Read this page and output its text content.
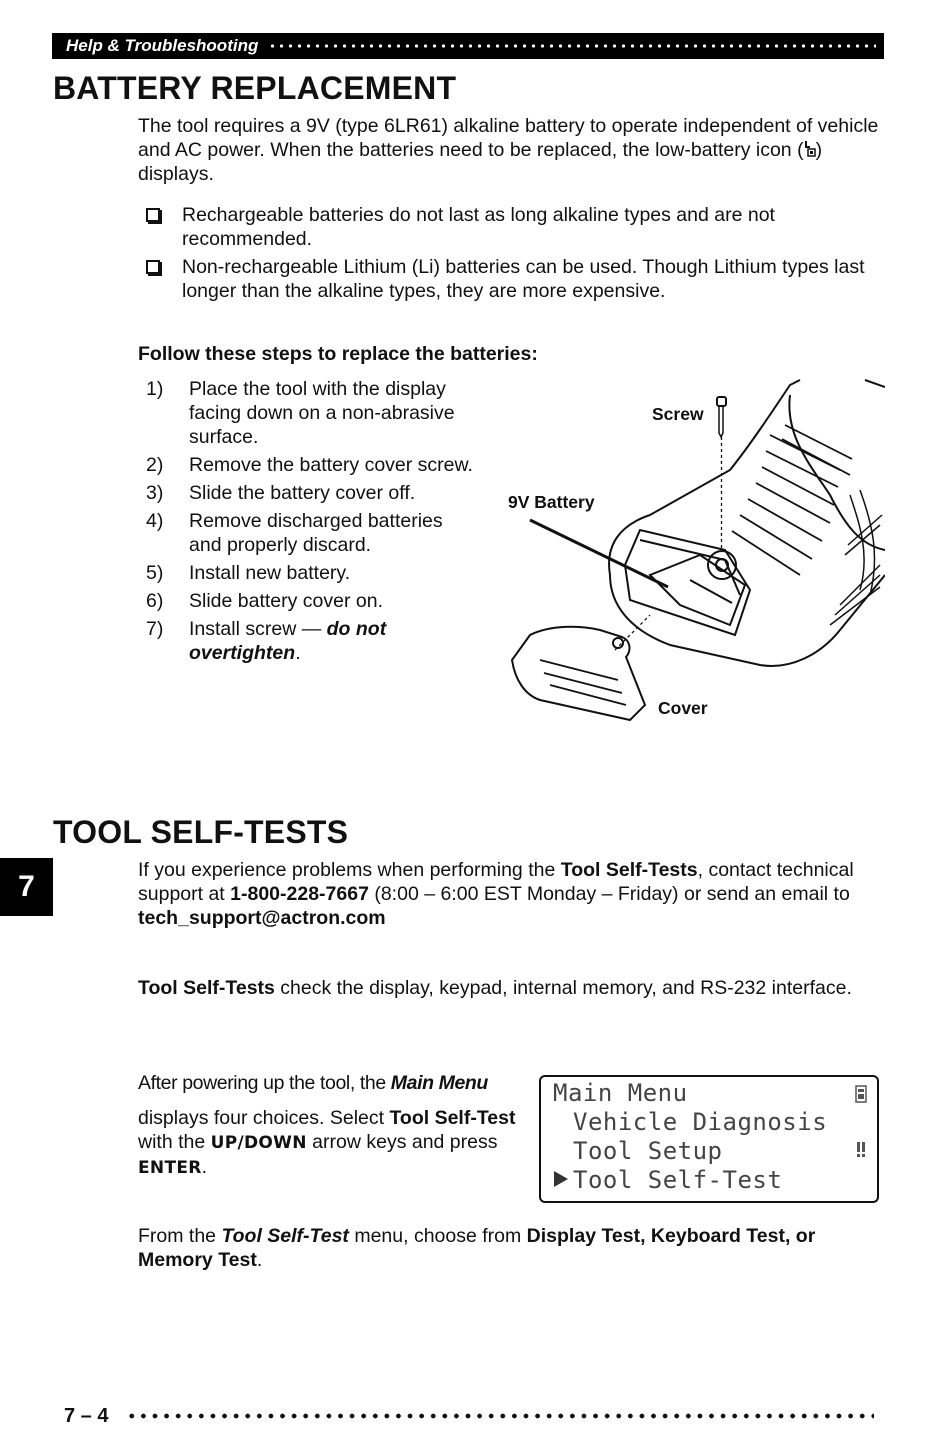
Help & Troubleshooting
BATTERY REPLACEMENT

The tool requires a 9V (type 6LR61) alkaline battery to operate independent of vehicle and AC power. When the batteries need to be replaced, the low-battery icon ( ) displays.

Rechargeable batteries do not last as long alkaline types and are not recommended.
Non-rechargeable Lithium (Li) batteries can be used. Though Lithium types last longer than the alkaline types, they are more expensive.

Follow these steps to replace the batteries:

1)	Place the tool with the display facing down on a non-abrasive surface.
2)	Remove the battery cover screw.
3)	Slide the battery cover off.
4)	Remove discharged batteries and properly discard.
5)	Install new battery.
6)	Slide battery cover on.
7)	Install screw — do not overtighten.
Screw
9V Battery
Cover
TOOL SELF-TESTS
7	If you experience problems when performing the Tool Self-Tests, contact technical support at 1-800-228-7667 (8:00 – 6:00 EST Monday – Friday) or send an email to tech_support@actron.com

Tool Self-Tests check the display, keypad, internal memory, and RS-232 interface.

After powering up the tool, the Main Menu

displays four choices. Select Tool Self-Test with the UP/DOWN arrow keys and press ENTER.

Main Menu
Vehicle Diagnosis
Tool Setup
Tool Self-Test

From the Tool Self-Test menu, choose from Display Test, Keyboard Test, or Memory Test.

7 – 4
